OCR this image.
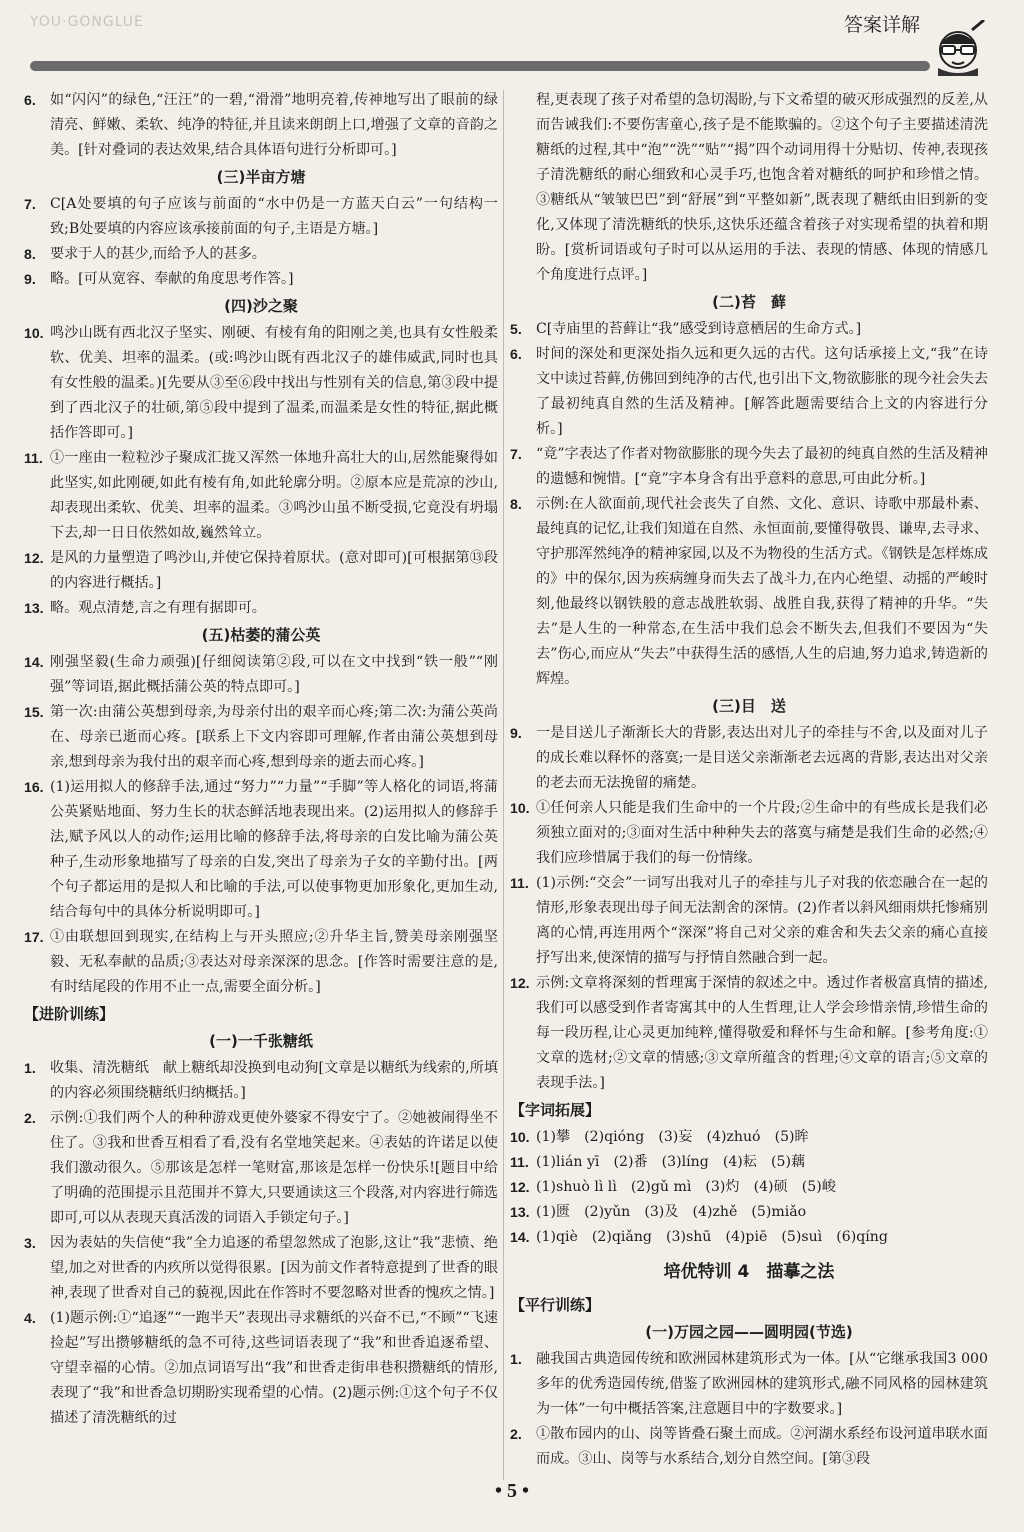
YOU·GONGLUE	答案详解
6.	如“闪闪”的绿色,“汪汪”的一碧,“滑滑”地明亮着,传神地写出了眼前的绿清亮、鲜嫩、柔软、纯净的特征,并且读来朗朗上口,增强了文章的音韵之美。[针对叠词的表达效果,结合具体语句进行分析即可。]
(三)半亩方塘
7.	C[A处要填的句子应该与前面的“水中仍是一方蓝天白云”一句结构一致;B处要填的内容应该承接前面的句子,主语是方塘。]
8.	要求于人的甚少,而给予人的甚多。
9.	略。[可从宽容、奉献的角度思考作答。]
(四)沙之聚
10. 鸣沙山既有西北汉子坚实、刚硬、有棱有角的阳刚之美,也具有女性般柔软、优美、坦率的温柔。(或:鸣沙山既有西北汉子的雄伟威武,同时也具有女性般的温柔。)[先要从③至⑥段中找出与性别有关的信息,第③段中提到了西北汉子的壮硕,第⑤段中提到了温柔,而温柔是女性的特征,据此概括作答即可。]
11. ①一座由一粒粒沙子聚成汇拢又浑然一体地升高壮大的山,居然能聚得如此坚实,如此刚硬,如此有棱有角,如此轮廓分明。②原本应是荒凉的沙山,却表现出柔软、优美、坦率的温柔。③鸣沙山虽不断受损,它竟没有坍塌下去,却一日日依然如故,巍然耸立。
12. 是风的力量塑造了鸣沙山,并使它保持着原状。(意对即可)[可根据第⑬段的内容进行概括。]
13. 略。观点清楚,言之有理有据即可。
(五)枯萎的蒲公英
14. 刚强坚毅(生命力顽强)[仔细阅读第②段,可以在文中找到“铁一般”“刚强”等词语,据此概括蒲公英的特点即可。]
15. 第一次:由蒲公英想到母亲,为母亲付出的艰辛而心疼;第二次:为蒲公英尚在、母亲已逝而心疼。[联系上下文内容即可理解,作者由蒲公英想到母亲,想到母亲为我付出的艰辛而心疼,想到母亲的逝去而心疼。]
16. (1)运用拟人的修辞手法,通过“努力”“力量”“手脚”等人格化的词语,将蒲公英紧贴地面、努力生长的状态鲜活地表现出来。(2)运用拟人的修辞手法,赋予风以人的动作;运用比喻的修辞手法,将母亲的白发比喻为蒲公英种子,生动形象地描写了母亲的白发,突出了母亲为子女的辛勤付出。[两个句子都运用的是拟人和比喻的手法,可以使事物更加形象化,更加生动,结合每句中的具体分析说明即可。]
17. ①由联想回到现实,在结构上与开头照应;②升华主旨,赞美母亲刚强坚毅、无私奉献的品质;③表达对母亲深深的思念。[作答时需要注意的是,有时结尾段的作用不止一点,需要全面分析。]
【进阶训练】
(一)一千张糖纸
1.	收集、清洗糖纸　献上糖纸却没换到电动狗[文章是以糖纸为线索的,所填的内容必须围绕糖纸归纳概括。]
2.	示例:①我们两个人的种种游戏更使外婆家不得安宁了。②她被闹得坐不住了。③我和世香互相看了看,没有名堂地笑起来。④表姑的许诺足以使我们激动很久。⑤那该是怎样一笔财富,那该是怎样一份快乐![题目中给了明确的范围提示且范围并不算大,只要通读这三个段落,对内容进行筛选即可,可以从表现天真活泼的词语入手锁定句子。]
3.	因为表姑的失信使“我”全力追逐的希望忽然成了泡影,这让“我”悲愤、绝望,加之对世香的内疚所以觉得很累。[因为前文作者特意提到了世香的眼神,表现了世香对自己的藐视,因此在作答时不要忽略对世香的愧疚之情。]
4.	(1)题示例:①“追逐”“一跑半天”表现出寻求糖纸的兴奋不已,“不顾”“飞速捡起”写出攒够糖纸的急不可待,这些词语表现了“我”和世香追逐希望、守望幸福的心情。②加点词语写出“我”和世香走街串巷积攒糖纸的情形,表现了“我”和世香急切期盼实现希望的心情。(2)题示例:①这个句子不仅描述了清洗糖纸的过
程,更表现了孩子对希望的急切渴盼,与下文希望的破灭形成强烈的反差,从而告诫我们:不要伤害童心,孩子是不能欺骗的。②这个句子主要描述清洗糖纸的过程,其中“泡”“洗”“贴”“揭”四个动词用得十分贴切、传神,表现孩子清洗糖纸的耐心细致和心灵手巧,也饱含着对糖纸的呵护和珍惜之情。③糖纸从“皱皱巴巴”到“舒展”到“平整如新”,既表现了糖纸由旧到新的变化,又体现了清洗糖纸的快乐,这快乐还蕴含着孩子对实现希望的执着和期盼。[赏析词语或句子时可以从运用的手法、表现的情感、体现的情感几个角度进行点评。]
(二)苔　藓
5.	C[寺庙里的苔藓让“我”感受到诗意栖居的生命方式。]
6.	时间的深处和更深处指久远和更久远的古代。这句话承接上文,“我”在诗文中读过苔藓,仿佛回到纯净的古代,也引出下文,物欲膨胀的现今社会失去了最初纯真自然的生活及精神。[解答此题需要结合上文的内容进行分析。]
7.	“竟”字表达了作者对物欲膨胀的现今失去了最初的纯真自然的生活及精神的遗憾和惋惜。[“竟”字本身含有出乎意料的意思,可由此分析。]
8.	示例:在人欲面前,现代社会丧失了自然、文化、意识、诗歌中那最朴素、最纯真的记忆,让我们知道在自然、永恒面前,要懂得敬畏、谦卑,去寻求、守护那浑然纯净的精神家园,以及不为物役的生活方式。《钢铁是怎样炼成的》中的保尔,因为疾病缠身而失去了战斗力,在内心绝望、动摇的严峻时刻,他最终以钢铁般的意志战胜软弱、战胜自我,获得了精神的升华。“失去”是人生的一种常态,在生活中我们总会不断失去,但我们不要因为“失去”伤心,而应从“失去”中获得生活的感悟,人生的启迪,努力追求,铸造新的辉煌。
(三)目　送
9.	一是目送儿子渐渐长大的背影,表达出对儿子的牵挂与不舍,以及面对儿子的成长难以释怀的落寞;一是目送父亲渐渐老去远离的背影,表达出对父亲的老去而无法挽留的痛楚。
10. ①任何亲人只能是我们生命中的一个片段;②生命中的有些成长是我们必须独立面对的;③面对生活中种种失去的落寞与痛楚是我们生命的必然;④我们应珍惜属于我们的每一份情缘。
11. (1)示例:“交会”一词写出我对儿子的牵挂与儿子对我的依恋融合在一起的情形,形象表现出母子间无法割舍的深情。(2)作者以斜风细雨烘托惨痛别离的心情,再连用两个“深深”将自己对父亲的难舍和失去父亲的痛心直接抒写出来,使深情的描写与抒情自然融合到一起。
12. 示例:文章将深刻的哲理寓于深情的叙述之中。透过作者极富真情的描述,我们可以感受到作者寄寓其中的人生哲理,让人学会珍惜亲情,珍惜生命的每一段历程,让心灵更加纯粹,懂得敬爱和释怀与生命和解。[参考角度:①文章的选材;②文章的情感;③文章所蕴含的哲理;④文章的语言;⑤文章的表现手法。]
【字词拓展】
10. (1)攀　(2)qióng　(3)妄　(4)zhuó　(5)眸
11. (1)lián yī　(2)番　(3)líng　(4)耘　(5)藕
12. (1)shuò lì lì　(2)gǔ mì　(3)灼　(4)硕　(5)峻
13. (1)匮　(2)yǔn　(3)及　(4)zhě　(5)miǎo
14. (1)qiè　(2)qiǎng　(3)shū　(4)piē　(5)suì　(6)qíng
培优特训 4　描摹之法
【平行训练】
(一)万园之园——圆明园(节选)
1.	融我国古典造园传统和欧洲园林建筑形式为一体。[从“它继承我国3 000多年的优秀造园传统,借鉴了欧洲园林的建筑形式,融不同风格的园林建筑为一体”一句中概括答案,注意题目中的字数要求。]
2.	①散布园内的山、岗等皆叠石聚土而成。②河湖水系经布设河道串联水面而成。③山、岗等与水系结合,划分自然空间。[第③段
• 5 •
